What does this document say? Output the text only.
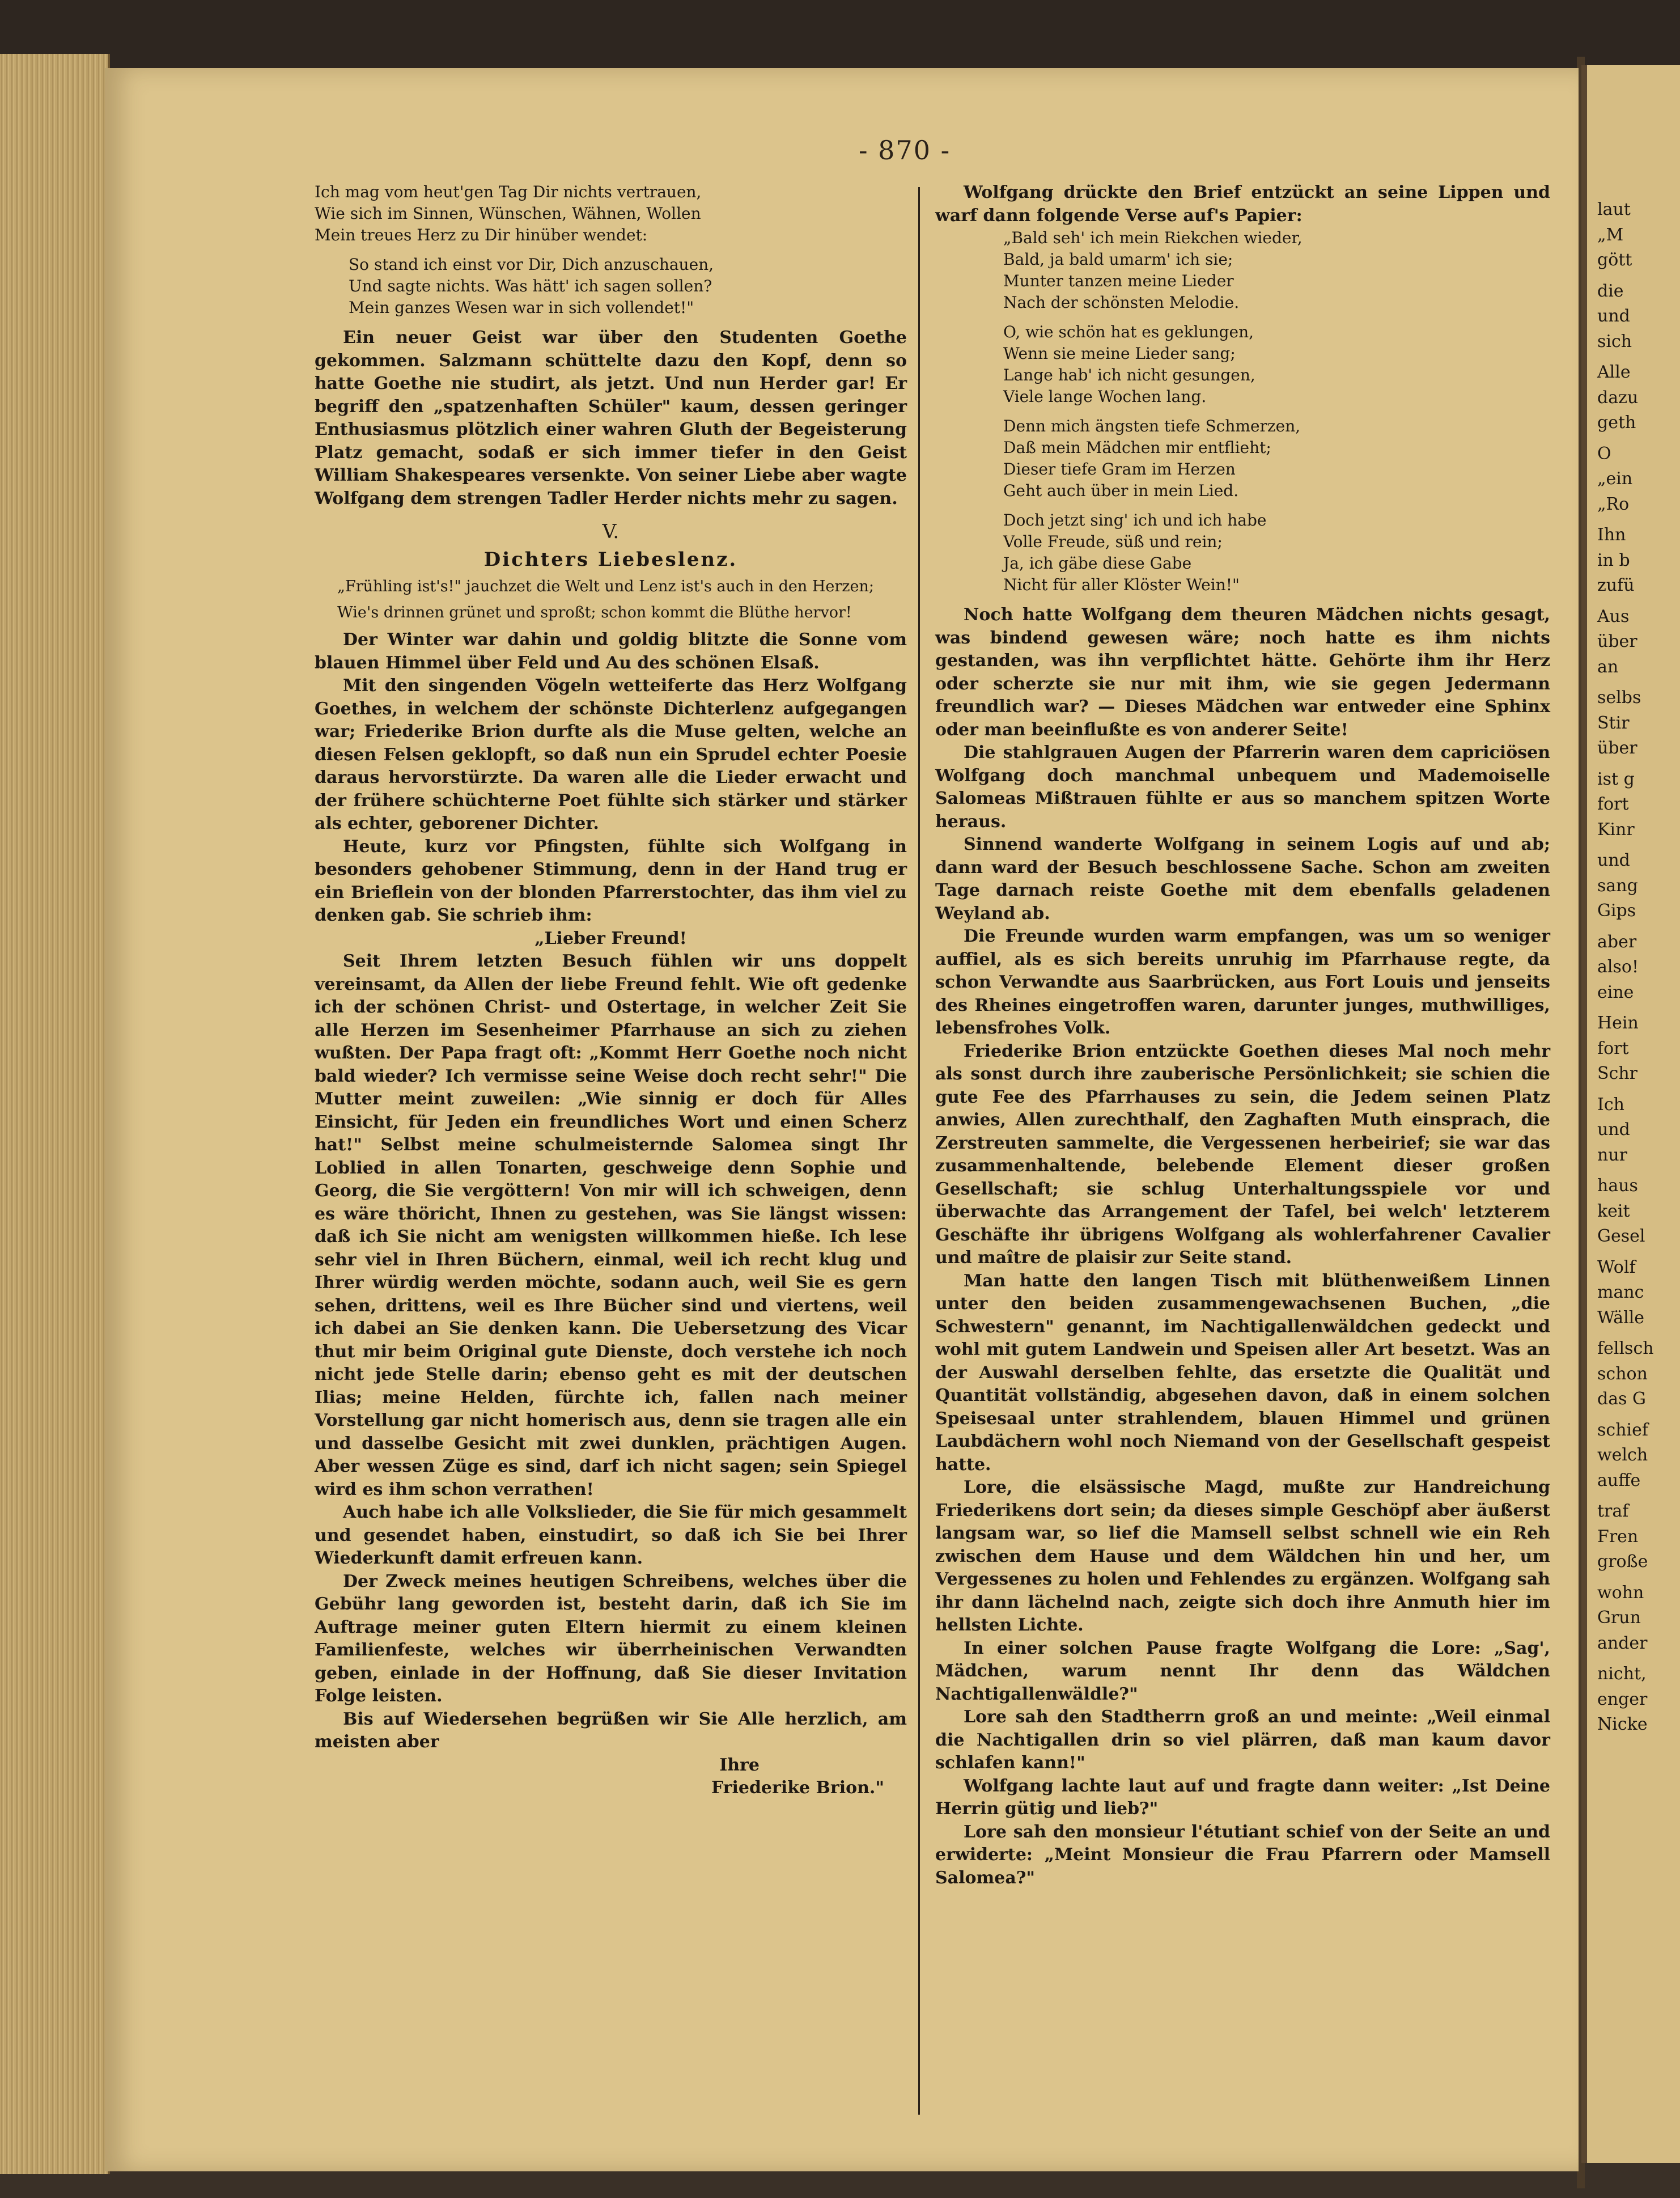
- 870 -
Ich mag vom heut'gen Tag Dir nichts vertrauen,
Wie sich im Sinnen, Wünschen, Wähnen, Wollen
Mein treues Herz zu Dir hinüber wendet:
So stand ich einst vor Dir, Dich anzuschauen,
Und sagte nichts. Was hätt' ich sagen sollen?
Mein ganzes Wesen war in sich vollendet!"

Ein neuer Geist war über den Studenten Goethe gekommen. Salzmann schüttelte dazu den Kopf, denn so hatte Goethe nie studirt, als jetzt. Und nun Herder gar! Er begriff den „spatzenhaften Schüler" kaum, dessen geringer Enthusiasmus plötzlich einer wahren Gluth der Begeisterung Platz gemacht, sodaß er sich immer tiefer in den Geist William Shakespeares versenkte. Von seiner Liebe aber wagte Wolfgang dem strengen Tadler Herder nichts mehr zu sagen.

V.

Dichters Liebeslenz.

„Frühling ist's!" jauchzet die Welt und Lenz ist's auch in den Herzen;

Wie's drinnen grünet und sproßt; schon kommt die Blüthe hervor!

Der Winter war dahin und goldig blitzte die Sonne vom blauen Himmel über Feld und Au des schönen Elsaß.

Mit den singenden Vögeln wetteiferte das Herz Wolfgang Goethes, in welchem der schönste Dichterlenz aufgegangen war; Friederike Brion durfte als die Muse gelten, welche an diesen Felsen geklopft, so daß nun ein Sprudel echter Poesie daraus hervorstürzte. Da waren alle die Lieder erwacht und der frühere schüchterne Poet fühlte sich stärker und stärker als echter, geborener Dichter.

Heute, kurz vor Pfingsten, fühlte sich Wolfgang in besonders gehobener Stimmung, denn in der Hand trug er ein Brieflein von der blonden Pfarrerstochter, das ihm viel zu denken gab. Sie schrieb ihm:

„Lieber Freund!

Seit Ihrem letzten Besuch fühlen wir uns doppelt vereinsamt, da Allen der liebe Freund fehlt. Wie oft gedenke ich der schönen Christ- und Ostertage, in welcher Zeit Sie alle Herzen im Sesenheimer Pfarrhause an sich zu ziehen wußten. Der Papa fragt oft: „Kommt Herr Goethe noch nicht bald wieder? Ich vermisse seine Weise doch recht sehr!" Die Mutter meint zuweilen: „Wie sinnig er doch für Alles Einsicht, für Jeden ein freundliches Wort und einen Scherz hat!" Selbst meine schulmeisternde Salomea singt Ihr Loblied in allen Tonarten, geschweige denn Sophie und Georg, die Sie vergöttern! Von mir will ich schweigen, denn es wäre thöricht, Ihnen zu gestehen, was Sie längst wissen: daß ich Sie nicht am wenigsten willkommen hieße. Ich lese sehr viel in Ihren Büchern, einmal, weil ich recht klug und Ihrer würdig werden möchte, sodann auch, weil Sie es gern sehen, drittens, weil es Ihre Bücher sind und viertens, weil ich dabei an Sie denken kann. Die Uebersetzung des Vicar thut mir beim Original gute Dienste, doch verstehe ich noch nicht jede Stelle darin; ebenso geht es mit der deutschen Ilias; meine Helden, fürchte ich, fallen nach meiner Vorstellung gar nicht homerisch aus, denn sie tragen alle ein und dasselbe Gesicht mit zwei dunklen, prächtigen Augen. Aber wessen Züge es sind, darf ich nicht sagen; sein Spiegel wird es ihm schon verrathen!

Auch habe ich alle Volkslieder, die Sie für mich gesammelt und gesendet haben, einstudirt, so daß ich Sie bei Ihrer Wiederkunft damit erfreuen kann.

Der Zweck meines heutigen Schreibens, welches über die Gebühr lang geworden ist, besteht darin, daß ich Sie im Auftrage meiner guten Eltern hiermit zu einem kleinen Familienfeste, welches wir überrheinischen Verwandten geben, einlade in der Hoffnung, daß Sie dieser Invitation Folge leisten.

Bis auf Wiedersehen begrüßen wir Sie Alle herzlich, am meisten aber

Ihre

Friederike Brion."

Wolfgang drückte den Brief entzückt an seine Lippen und warf dann folgende Verse auf's Papier:

„Bald seh' ich mein Riekchen wieder,
Bald, ja bald umarm' ich sie;
Munter tanzen meine Lieder
Nach der schönsten Melodie.
O, wie schön hat es geklungen,
Wenn sie meine Lieder sang;
Lange hab' ich nicht gesungen,
Viele lange Wochen lang.
Denn mich ängsten tiefe Schmerzen,
Daß mein Mädchen mir entflieht;
Dieser tiefe Gram im Herzen
Geht auch über in mein Lied.
Doch jetzt sing' ich und ich habe
Volle Freude, süß und rein;
Ja, ich gäbe diese Gabe
Nicht für aller Klöster Wein!"

Noch hatte Wolfgang dem theuren Mädchen nichts gesagt, was bindend gewesen wäre; noch hatte es ihm nichts gestanden, was ihn verpflichtet hätte. Gehörte ihm ihr Herz oder scherzte sie nur mit ihm, wie sie gegen Jedermann freundlich war? — Dieses Mädchen war entweder eine Sphinx oder man beeinflußte es von anderer Seite!

Die stahlgrauen Augen der Pfarrerin waren dem capriciösen Wolfgang doch manchmal unbequem und Mademoiselle Salomeas Mißtrauen fühlte er aus so manchem spitzen Worte heraus.

Sinnend wanderte Wolfgang in seinem Logis auf und ab; dann ward der Besuch beschlossene Sache. Schon am zweiten Tage darnach reiste Goethe mit dem ebenfalls geladenen Weyland ab.

Die Freunde wurden warm empfangen, was um so weniger auffiel, als es sich bereits unruhig im Pfarrhause regte, da schon Verwandte aus Saarbrücken, aus Fort Louis und jenseits des Rheines eingetroffen waren, darunter junges, muthwilliges, lebensfrohes Volk.

Friederike Brion entzückte Goethen dieses Mal noch mehr als sonst durch ihre zauberische Persönlichkeit; sie schien die gute Fee des Pfarrhauses zu sein, die Jedem seinen Platz anwies, Allen zurechthalf, den Zaghaften Muth einsprach, die Zerstreuten sammelte, die Vergessenen herbeirief; sie war das zusammenhaltende, belebende Element dieser großen Gesellschaft; sie schlug Unterhaltungsspiele vor und überwachte das Arrangement der Tafel, bei welch' letzterem Geschäfte ihr übrigens Wolfgang als wohlerfahrener Cavalier und maître de plaisir zur Seite stand.

Man hatte den langen Tisch mit blüthenweißem Linnen unter den beiden zusammengewachsenen Buchen, „die Schwestern" genannt, im Nachtigallenwäldchen gedeckt und wohl mit gutem Landwein und Speisen aller Art besetzt. Was an der Auswahl derselben fehlte, das ersetzte die Qualität und Quantität vollständig, abgesehen davon, daß in einem solchen Speisesaal unter strahlendem, blauen Himmel und grünen Laubdächern wohl noch Niemand von der Gesellschaft gespeist hatte.

Lore, die elsässische Magd, mußte zur Handreichung Friederikens dort sein; da dieses simple Geschöpf aber äußerst langsam war, so lief die Mamsell selbst schnell wie ein Reh zwischen dem Hause und dem Wäldchen hin und her, um Vergessenes zu holen und Fehlendes zu ergänzen. Wolfgang sah ihr dann lächelnd nach, zeigte sich doch ihre Anmuth hier im hellsten Lichte.

In einer solchen Pause fragte Wolfgang die Lore: „Sag', Mädchen, warum nennt Ihr denn das Wäldchen Nachtigallenwäldle?"

Lore sah den Stadtherrn groß an und meinte: „Weil einmal die Nachtigallen drin so viel plärren, daß man kaum davor schlafen kann!"

Wolfgang lachte laut auf und fragte dann weiter: „Ist Deine Herrin gütig und lieb?"

Lore sah den monsieur l'étutiant schief von der Seite an und erwiderte: „Meint Monsieur die Frau Pfarrern oder Mamsell Salomea?"

laut
„M
gött
die
und
sich
Alle
dazu
geth
O
„ein
„Ro
Ihn
in b
zufü
Aus
über
an
selbs
Stir
über
ist g
fort
Kinr
und
sang
Gips
aber
also!
eine
Hein
fort
Schr
Ich
und
nur
haus
keit
Gesel
Wolf
manc
Wälle
fellsch
schon
das G
schief
welch
auffe
traf
Fren
große
wohn
Grun
ander
nicht,
enger
Nicke
